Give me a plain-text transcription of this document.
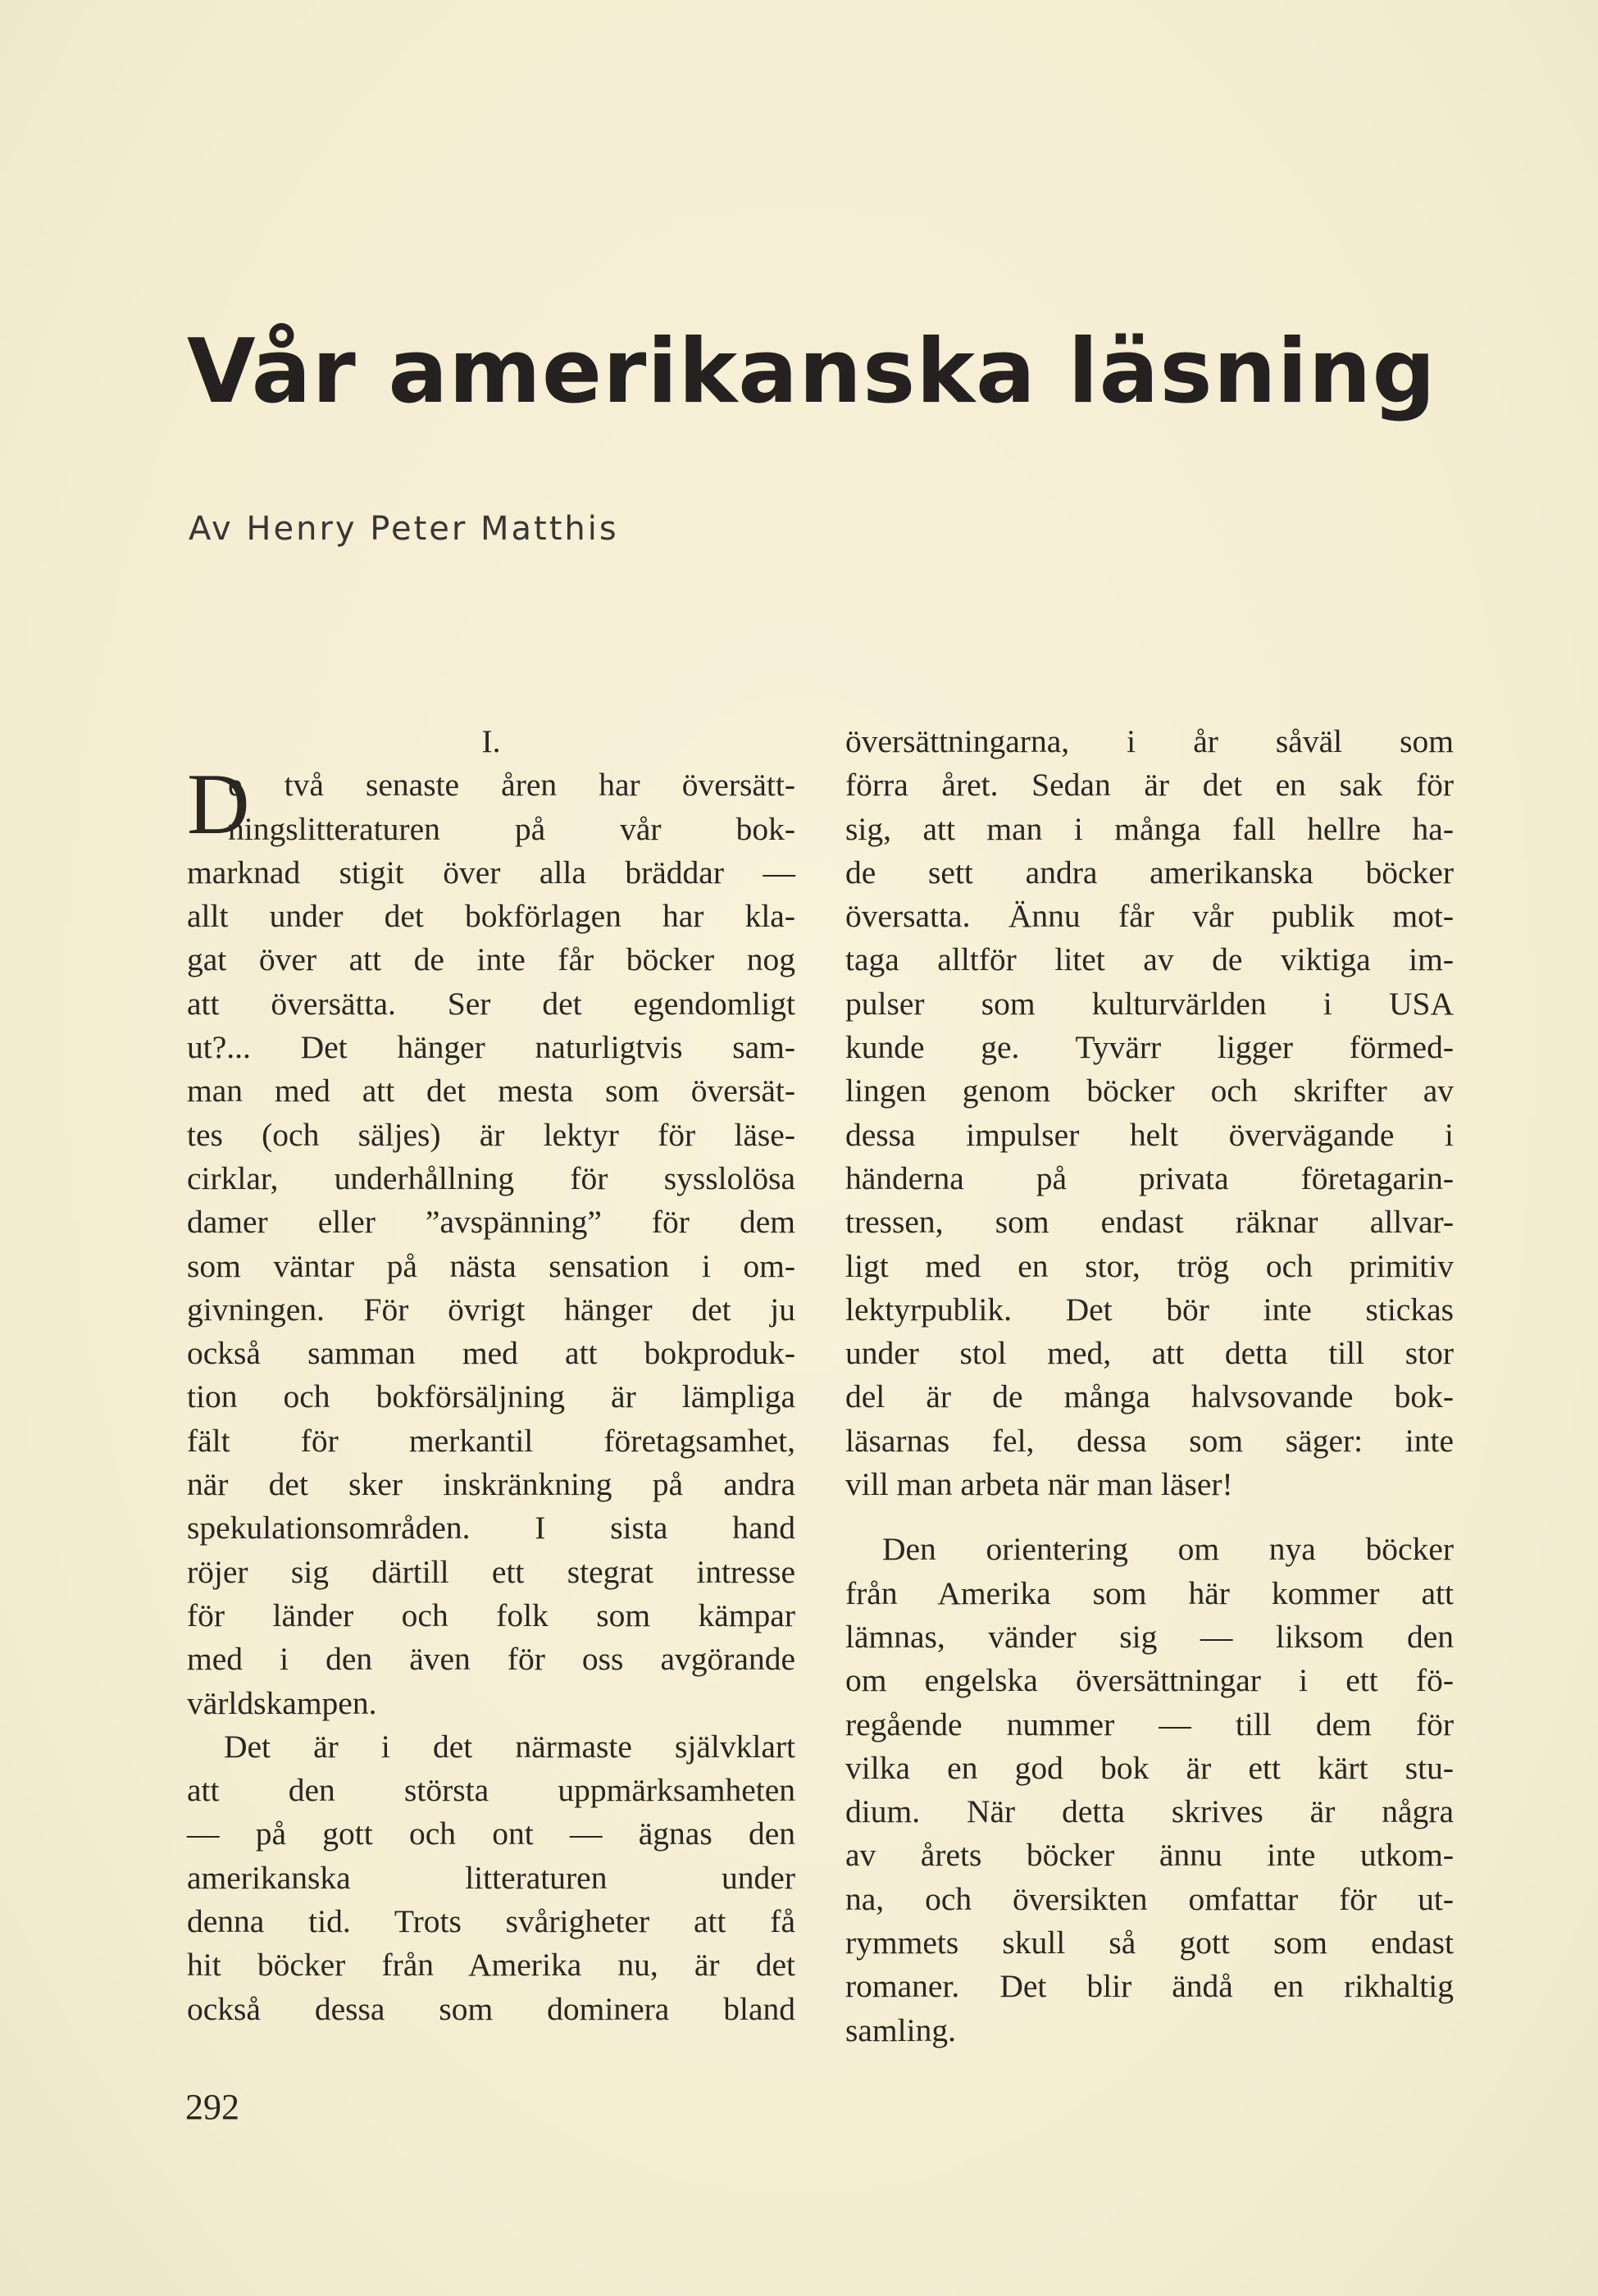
Vår amerikanska läsning
Av Henry Peter Matthis
I.
D
e två senaste åren har översätt-
ningslitteraturen på vår bok-
marknad stigit över alla bräddar —
allt under det bokförlagen har kla-
gat över att de inte får böcker nog
att översätta. Ser det egendomligt
ut?... Det hänger naturligtvis sam-
man med att det mesta som översät-
tes (och säljes) är lektyr för läse-
cirklar, underhållning för sysslolösa
damer eller ”avspänning” för dem
som väntar på nästa sensation i om-
givningen. För övrigt hänger det ju
också samman med att bokproduk-
tion och bokförsäljning är lämpliga
fält för merkantil företagsamhet,
när det sker inskränkning på andra
spekulationsområden. I sista hand
röjer sig därtill ett stegrat intresse
för länder och folk som kämpar
med i den även för oss avgörande
världskampen.
Det är i det närmaste självklart
att den största uppmärksamheten
— på gott och ont — ägnas den
amerikanska litteraturen under
denna tid. Trots svårigheter att få
hit böcker från Amerika nu, är det
också dessa som dominera bland
översättningarna, i år såväl som
förra året. Sedan är det en sak för
sig, att man i många fall hellre ha-
de sett andra amerikanska böcker
översatta. Ännu får vår publik mot-
taga alltför litet av de viktiga im-
pulser som kulturvärlden i USA
kunde ge. Tyvärr ligger förmed-
lingen genom böcker och skrifter av
dessa impulser helt övervägande i
händerna på privata företagarin-
tressen, som endast räknar allvar-
ligt med en stor, trög och primitiv
lektyrpublik. Det bör inte stickas
under stol med, att detta till stor
del är de många halvsovande bok-
läsarnas fel, dessa som säger: inte
vill man arbeta när man läser!
Den orientering om nya böcker
från Amerika som här kommer att
lämnas, vänder sig — liksom den
om engelska översättningar i ett fö-
regående nummer — till dem för
vilka en god bok är ett kärt stu-
dium. När detta skrives är några
av årets böcker ännu inte utkom-
na, och översikten omfattar för ut-
rymmets skull så gott som endast
romaner. Det blir ändå en rikhaltig
samling.
292
